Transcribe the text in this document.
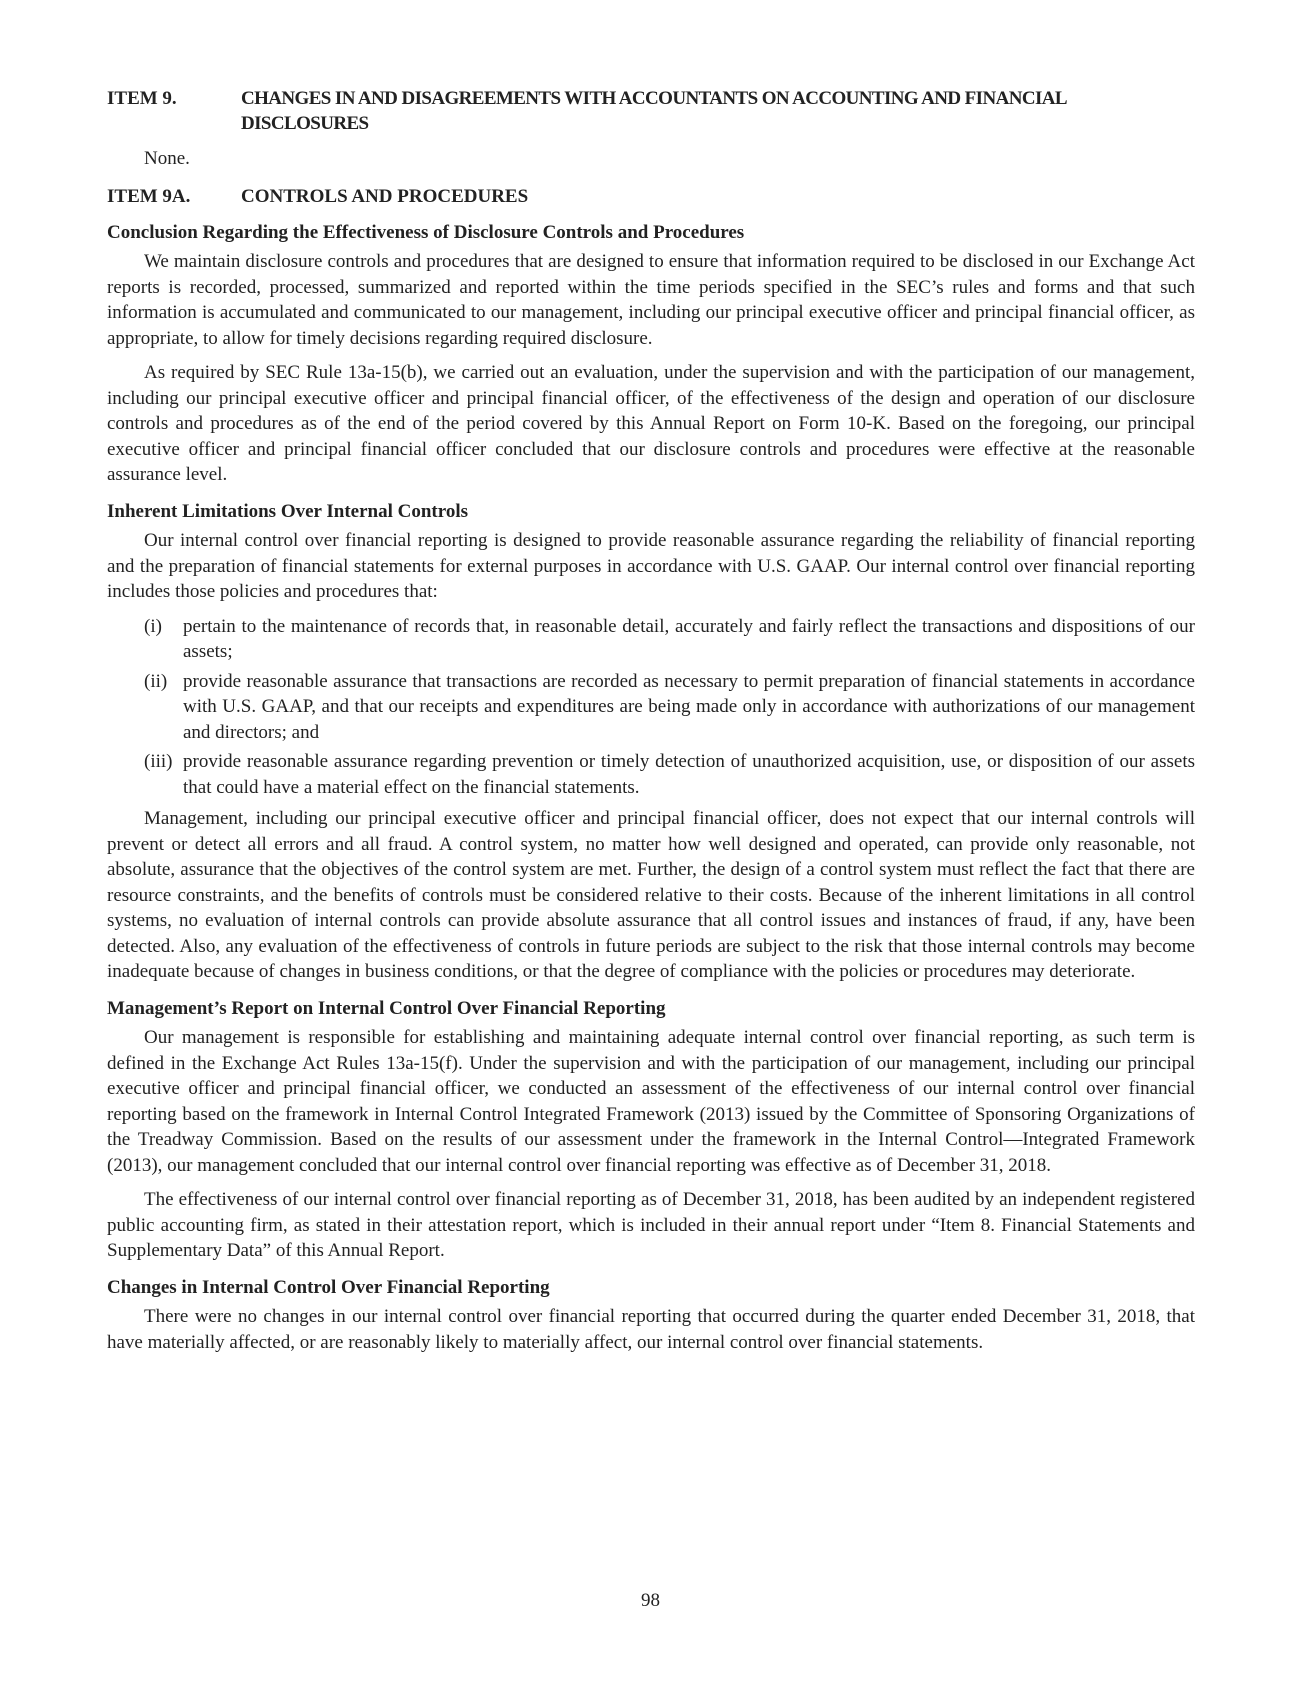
ITEM 9.	CHANGES IN AND DISAGREEMENTS WITH ACCOUNTANTS ON ACCOUNTING AND FINANCIAL DISCLOSURES
None.
ITEM 9A.	CONTROLS AND PROCEDURES
Conclusion Regarding the Effectiveness of Disclosure Controls and Procedures

We maintain disclosure controls and procedures that are designed to ensure that information required to be disclosed in our Exchange Act reports is recorded, processed, summarized and reported within the time periods specified in the SEC’s rules and forms and that such information is accumulated and communicated to our management, including our principal executive officer and principal financial officer, as appropriate, to allow for timely decisions regarding required disclosure.

As required by SEC Rule 13a-15(b), we carried out an evaluation, under the supervision and with the participation of our management, including our principal executive officer and principal financial officer, of the effectiveness of the design and operation of our disclosure controls and procedures as of the end of the period covered by this Annual Report on Form 10-K. Based on the foregoing, our principal executive officer and principal financial officer concluded that our disclosure controls and procedures were effective at the reasonable assurance level.

Inherent Limitations Over Internal Controls

Our internal control over financial reporting is designed to provide reasonable assurance regarding the reliability of financial reporting and the preparation of financial statements for external purposes in accordance with U.S. GAAP. Our internal control over financial reporting includes those policies and procedures that:

(i)	pertain to the maintenance of records that, in reasonable detail, accurately and fairly reflect the transactions and dispositions of our assets;
(ii) provide reasonable assurance that transactions are recorded as necessary to permit preparation of financial statements in accordance with U.S. GAAP, and that our receipts and expenditures are being made only in accordance with authorizations of our management and directors; and
(iii) provide reasonable assurance regarding prevention or timely detection of unauthorized acquisition, use, or disposition of our assets that could have a material effect on the financial statements.

Management, including our principal executive officer and principal financial officer, does not expect that our internal controls will prevent or detect all errors and all fraud. A control system, no matter how well designed and operated, can provide only reasonable, not absolute, assurance that the objectives of the control system are met. Further, the design of a control system must reflect the fact that there are resource constraints, and the benefits of controls must be considered relative to their costs. Because of the inherent limitations in all control systems, no evaluation of internal controls can provide absolute assurance that all control issues and instances of fraud, if any, have been detected. Also, any evaluation of the effectiveness of controls in future periods are subject to the risk that those internal controls may become inadequate because of changes in business conditions, or that the degree of compliance with the policies or procedures may deteriorate.

Management’s Report on Internal Control Over Financial Reporting

Our management is responsible for establishing and maintaining adequate internal control over financial reporting, as such term is defined in the Exchange Act Rules 13a-15(f). Under the supervision and with the participation of our management, including our principal executive officer and principal financial officer, we conducted an assessment of the effectiveness of our internal control over financial reporting based on the framework in Internal Control Integrated Framework (2013) issued by the Committee of Sponsoring Organizations of the Treadway Commission. Based on the results of our assessment under the framework in the Internal Control—Integrated Framework (2013), our management concluded that our internal control over financial reporting was effective as of December 31, 2018.

The effectiveness of our internal control over financial reporting as of December 31, 2018, has been audited by an independent registered public accounting firm, as stated in their attestation report, which is included in their annual report under “Item 8. Financial Statements and Supplementary Data” of this Annual Report.

Changes in Internal Control Over Financial Reporting

There were no changes in our internal control over financial reporting that occurred during the quarter ended December 31, 2018, that have materially affected, or are reasonably likely to materially affect, our internal control over financial statements.

98
